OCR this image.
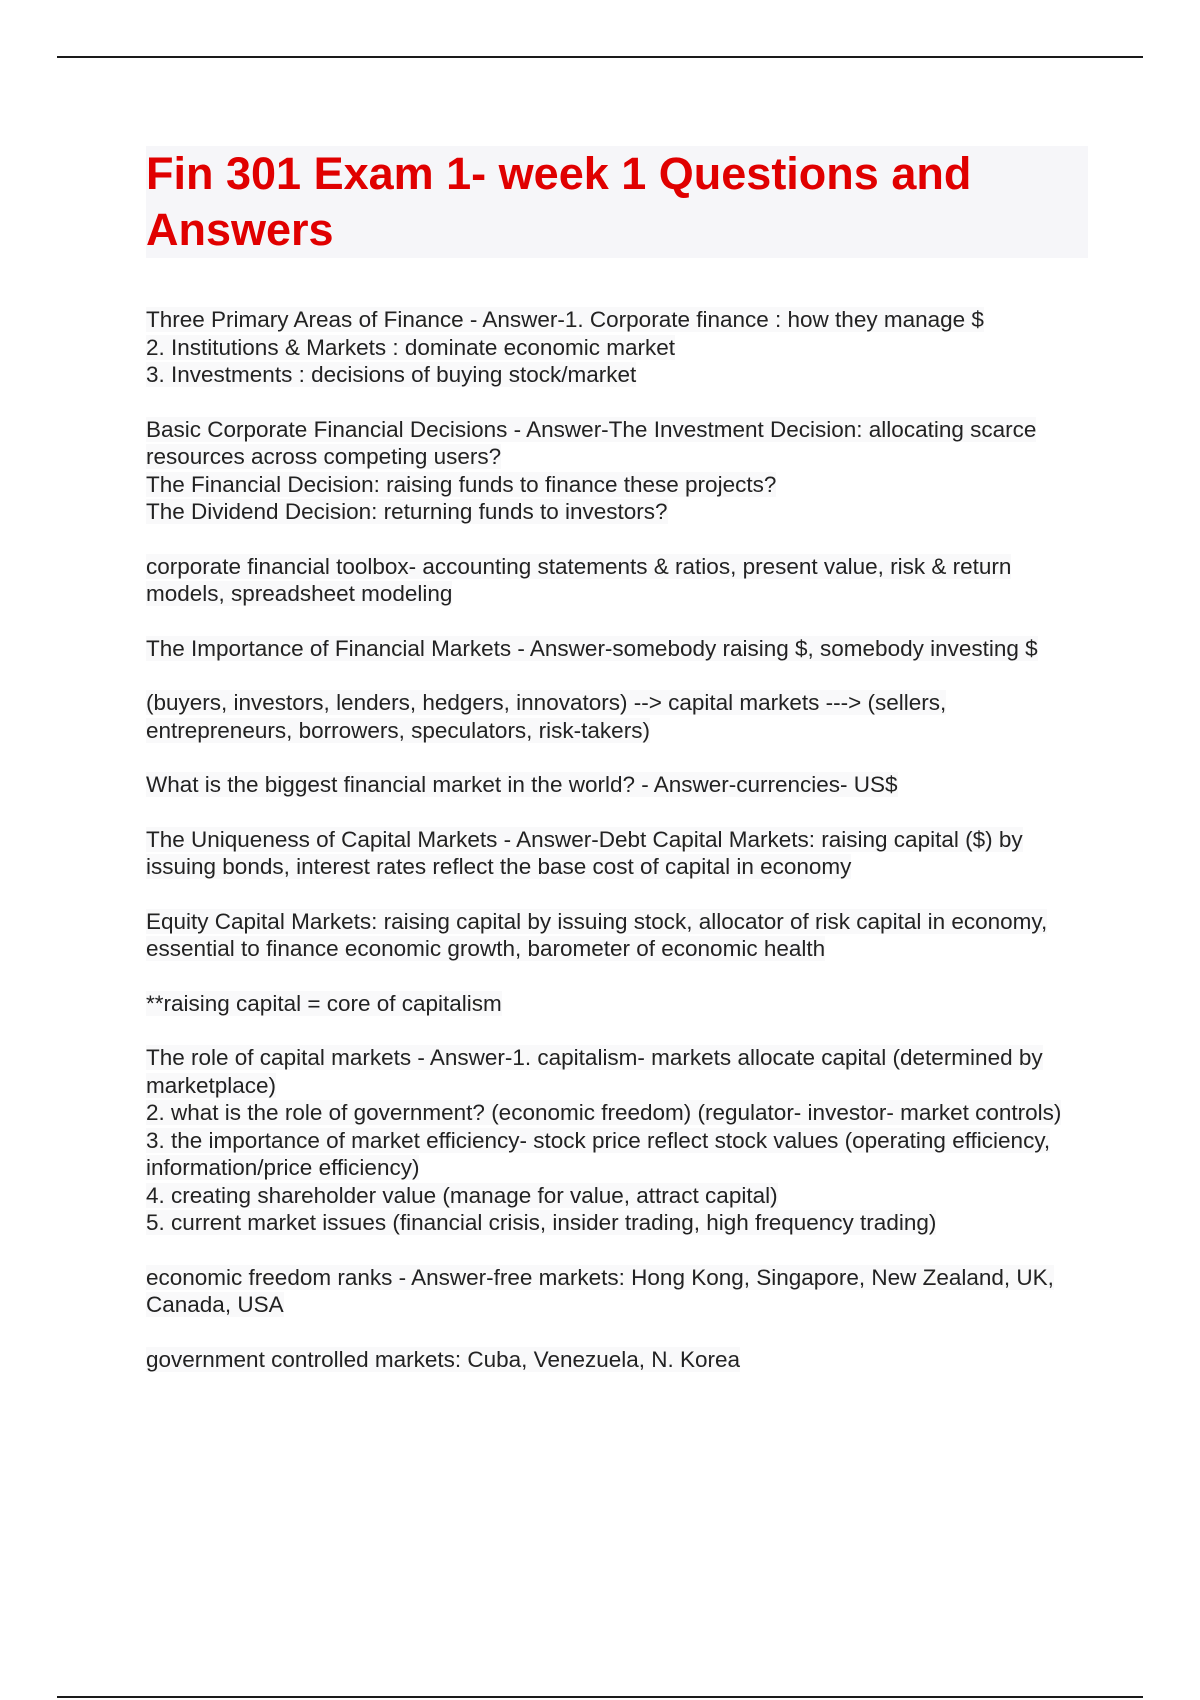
Fin 301 Exam 1- week 1 Questions and Answers
Three Primary Areas of Finance - Answer-1. Corporate finance : how they manage $
2. Institutions & Markets : dominate economic market
3. Investments : decisions of buying stock/market
Basic Corporate Financial Decisions - Answer-The Investment Decision: allocating scarce resources across competing users?
The Financial Decision: raising funds to finance these projects?
The Dividend Decision: returning funds to investors?
corporate financial toolbox- accounting statements & ratios, present value, risk & return models, spreadsheet modeling
The Importance of Financial Markets - Answer-somebody raising $, somebody investing $
(buyers, investors, lenders, hedgers, innovators) --> capital markets ---> (sellers, entrepreneurs, borrowers, speculators, risk-takers)
What is the biggest financial market in the world? - Answer-currencies- US$
The Uniqueness of Capital Markets - Answer-Debt Capital Markets: raising capital ($) by issuing bonds, interest rates reflect the base cost of capital in economy
Equity Capital Markets: raising capital by issuing stock, allocator of risk capital in economy, essential to finance economic growth, barometer of economic health
**raising capital = core of capitalism
The role of capital markets - Answer-1. capitalism- markets allocate capital (determined by marketplace)
2. what is the role of government? (economic freedom) (regulator- investor- market controls)
3. the importance of market efficiency- stock price reflect stock values (operating efficiency, information/price efficiency)
4. creating shareholder value (manage for value, attract capital)
5. current market issues (financial crisis, insider trading, high frequency trading)
economic freedom ranks - Answer-free markets: Hong Kong, Singapore, New Zealand, UK, Canada, USA
government controlled markets: Cuba, Venezuela, N. Korea
